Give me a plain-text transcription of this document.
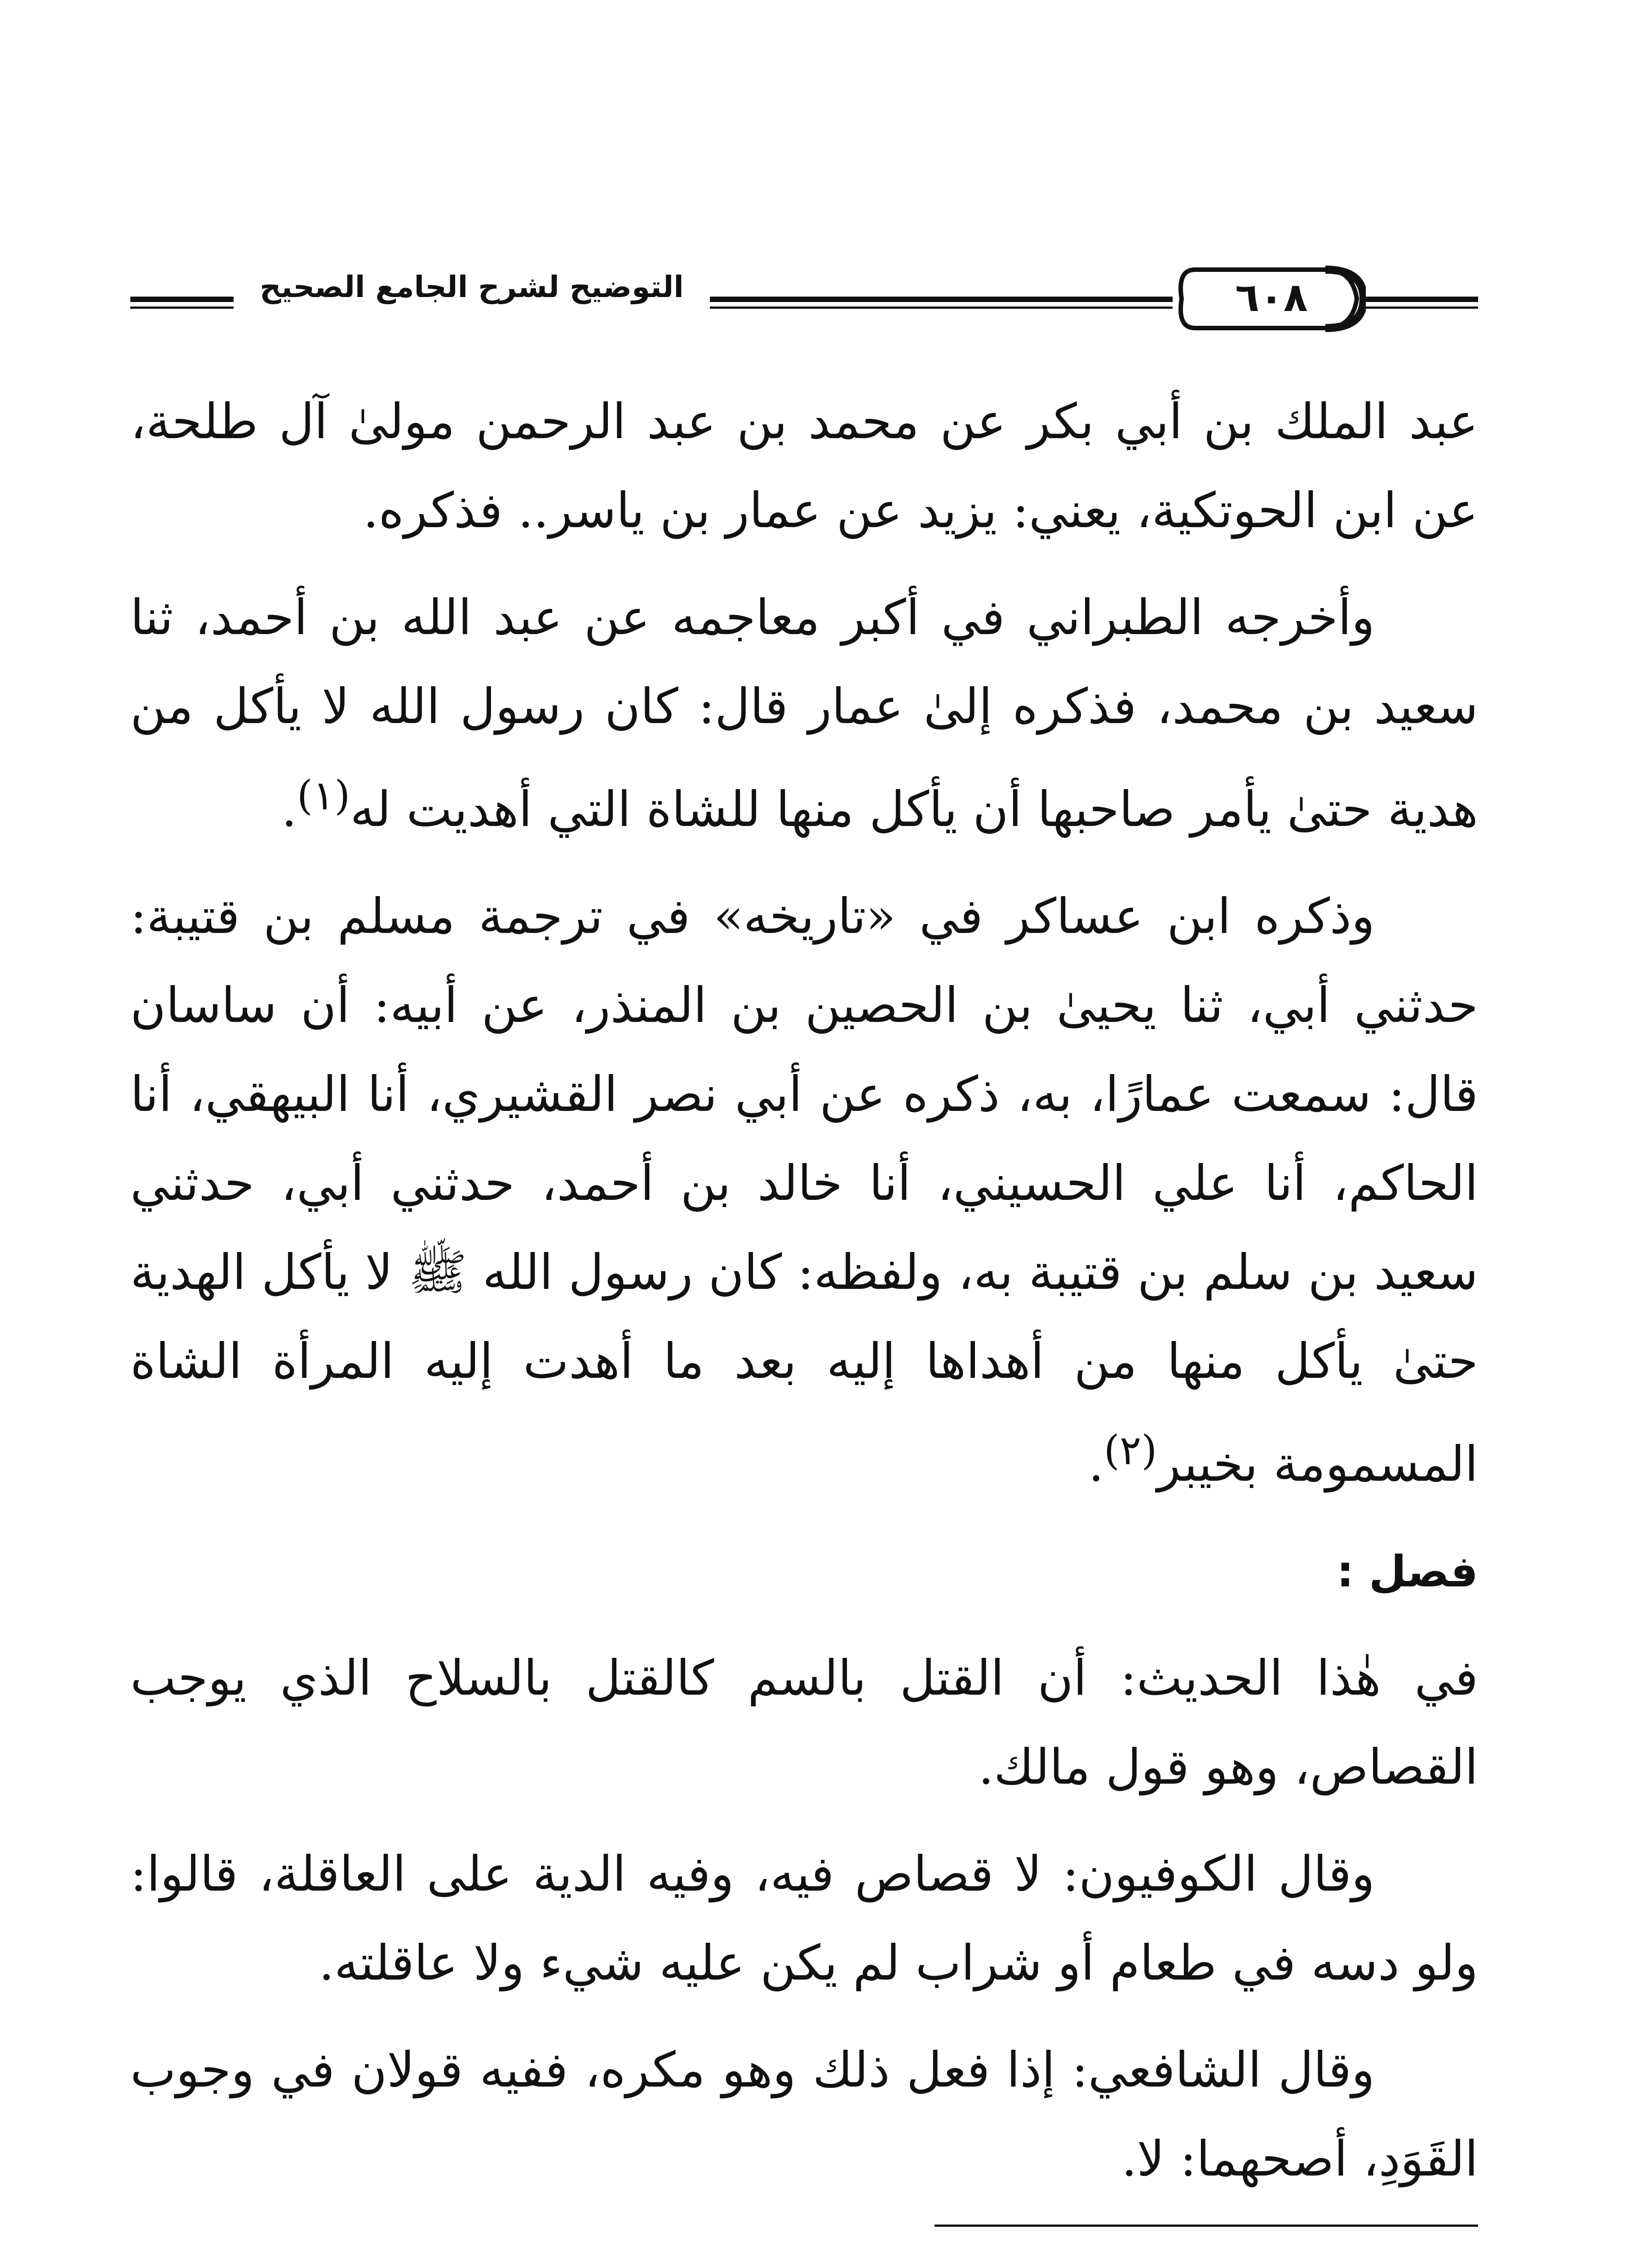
التوضيح لشرح الجامع الصحيح	٦٠٨

عبد الملك بن أبي بكر عن محمد بن عبد الرحمن مولىٰ آل طلحة، عن ابن الحوتكية، يعني: يزيد عن عمار بن ياسر.. فذكره.

وأخرجه الطبراني في أكبر معاجمه عن عبد الله بن أحمد، ثنا سعيد بن محمد، فذكره إلىٰ عمار قال: كان رسول الله لا يأكل من هدية حتىٰ يأمر صاحبها أن يأكل منها للشاة التي أهديت له$^{(١)}$.

وذكره ابن عساكر في «تاريخه» في ترجمة مسلم بن قتيبة: حدثني أبي، ثنا يحيىٰ بن الحصين بن المنذر، عن أبيه: أن ساسان قال: سمعت عمارًا، به، ذكره عن أبي نصر القشيري، أنا البيهقي، أنا الحاكم، أنا علي الحسيني، أنا خالد بن أحمد، حدثني أبي، حدثني سعيد بن سلم بن قتيبة به، ولفظه: كان رسول الله ﷺ لا يأكل الهدية حتىٰ يأكل منها من أهداها إليه بعد ما أهدت إليه المرأة الشاة المسمومة بخيبر$^{(٢)}$.

فصل :

في هٰذا الحديث: أن القتل بالسم كالقتل بالسلاح الذي يوجب القصاص، وهو قول مالك.

وقال الكوفيون: لا قصاص فيه، وفيه الدية على العاقلة، قالوا: ولو دسه في طعام أو شراب لم يكن عليه شيء ولا عاقلته.

وقال الشافعي: إذا فعل ذلك وهو مكره، ففيه قولان في وجوب القَوَدِ، أصحهما: لا.
